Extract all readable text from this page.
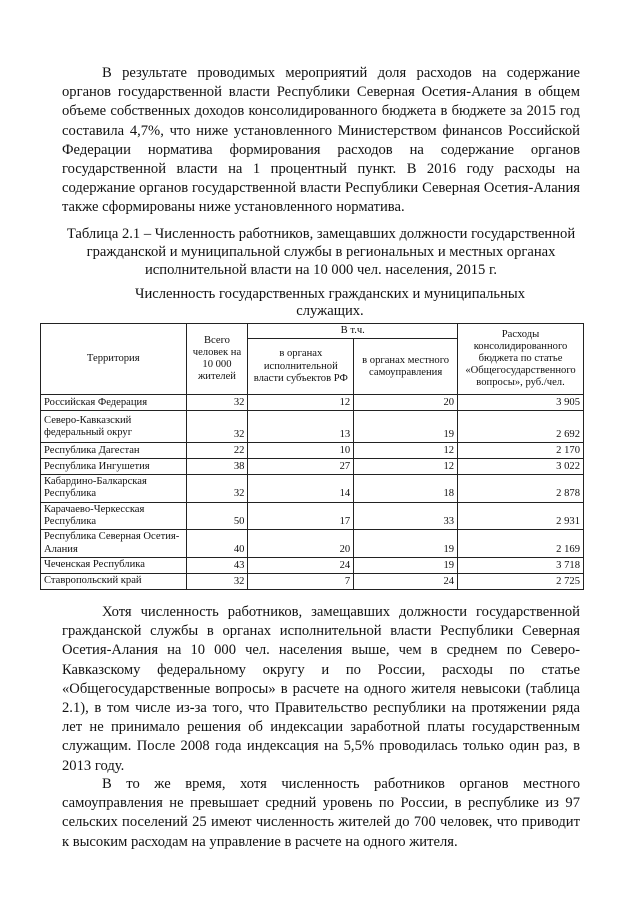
В результате проводимых мероприятий доля расходов на содержание органов государственной власти Республики Северная Осетия-Алания в общем объеме собственных доходов консолидированного бюджета в бюджете за 2015 год составила 4,7%, что ниже установленного Министерством финансов Российской Федерации норматива формирования расходов на содержание органов государственной власти на 1 процентный пункт. В 2016 году расходы на содержание органов государственной власти Республики Северная Осетия-Алания также сформированы ниже установленного норматива.

Таблица 2.1 – Численность работников, замещавших должности государственной гражданской и муниципальной службы в региональных и местных органах исполнительной власти на 10 000 чел. населения, 2015 г.

Численность государственных гражданских и муниципальных служащих.

Территория	Всего человек на 10 000 жителей	В т.ч.		Расходы консолидированного бюджета по статье «Общегосударственного вопросы», руб./чел.
		в органах исполнительной власти субъектов РФ	в органах местного самоуправления	
Российская Федерация	32	12	20	3 905
Северо-Кавказский федеральный округ	32	13	19	2 692
Республика Дагестан	22	10	12	2 170
Республика Ингушетия	38	27	12	3 022
Кабардино-Балкарская Республика	32	14	18	2 878
Карачаево-Черкесская Республика	50	17	33	2 931
Республика Северная Осетия-Алания	40	20	19	2 169
Чеченская Республика	43	24	19	3 718
Ставропольский край	32	7	24	2 725

Хотя численность работников, замещавших должности государственной гражданской службы в органах исполнительной власти Республики Северная Осетия-Алания на 10 000 чел. населения выше, чем в среднем по Северо-Кавказскому федеральному округу и по России, расходы по статье «Общегосударственные вопросы» в расчете на одного жителя невысоки (таблица 2.1), в том числе из-за того, что Правительство республики на протяжении ряда лет не принимало решения об индексации заработной платы государственным служащим. После 2008 года индексация на 5,5% проводилась только один раз, в 2013 году.

В то же время, хотя численность работников органов местного самоуправления не превышает средний уровень по России, в республике из 97 сельских поселений 25 имеют численность жителей до 700 человек, что приводит к высоким расходам на управление в расчете на одного жителя.
